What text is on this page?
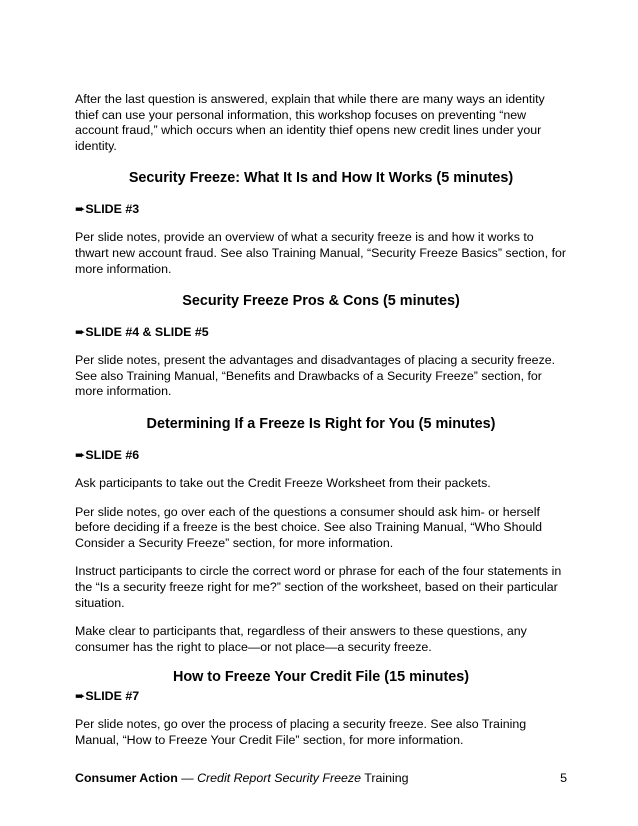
After the last question is answered, explain that while there are many ways an identity thief can use your personal information, this workshop focuses on preventing “new account fraud,” which occurs when an identity thief opens new credit lines under your identity.

Security Freeze: What It Is and How It Works (5 minutes)

➨SLIDE #3

Per slide notes, provide an overview of what a security freeze is and how it works to thwart new account fraud. See also Training Manual, “Security Freeze Basics” section, for more information.

Security Freeze Pros & Cons (5 minutes)

➨SLIDE #4 & SLIDE #5

Per slide notes, present the advantages and disadvantages of placing a security freeze. See also Training Manual, “Benefits and Drawbacks of a Security Freeze” section, for more information.

Determining If a Freeze Is Right for You (5 minutes)

➨SLIDE #6

Ask participants to take out the Credit Freeze Worksheet from their packets.

Per slide notes, go over each of the questions a consumer should ask him- or herself before deciding if a freeze is the best choice. See also Training Manual, “Who Should Consider a Security Freeze” section, for more information.

Instruct participants to circle the correct word or phrase for each of the four statements in the “Is a security freeze right for me?” section of the worksheet, based on their particular situation.

Make clear to participants that, regardless of their answers to these questions, any consumer has the right to place—or not place—a security freeze.

How to Freeze Your Credit File (15 minutes)

➨SLIDE #7

Per slide notes, go over the process of placing a security freeze. See also Training Manual, “How to Freeze Your Credit File” section, for more information.

Consumer Action — Credit Report Security Freeze Training	5
